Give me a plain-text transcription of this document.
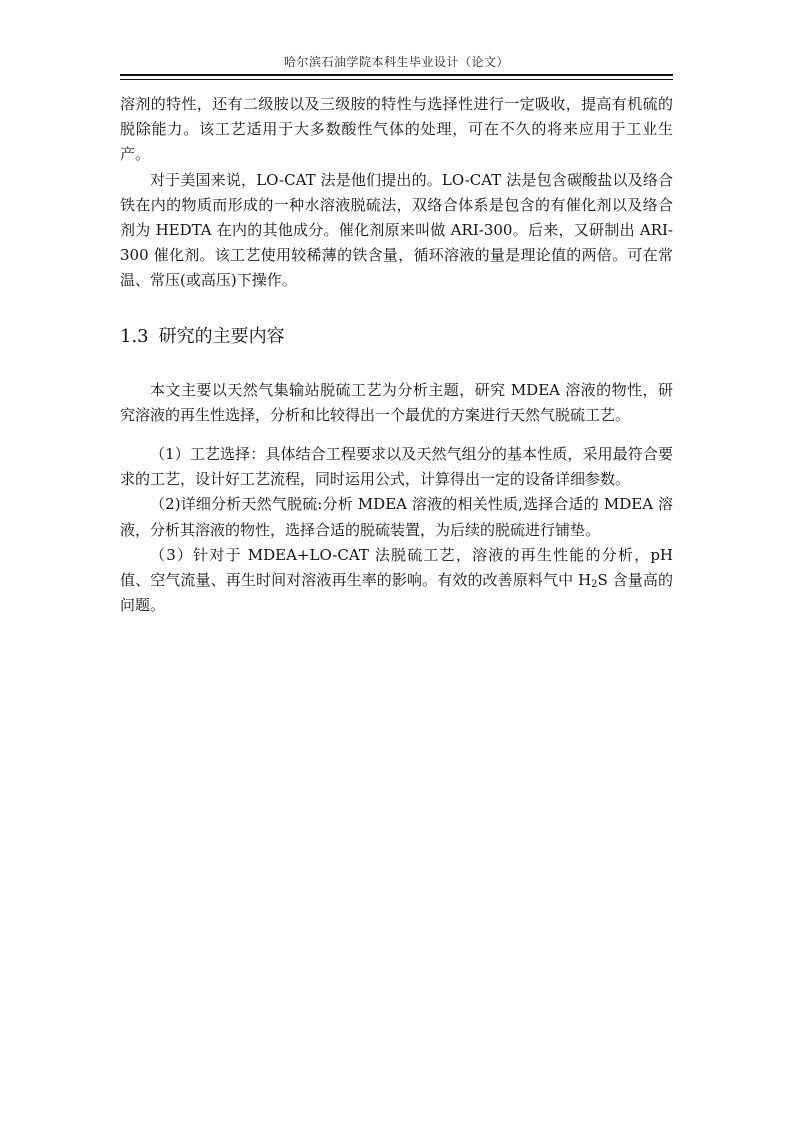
哈尔滨石油学院本科生毕业设计（论文）

溶剂的特性，还有二级胺以及三级胺的特性与选择性进行一定吸收，提高有机硫的脱除能力。该工艺适用于大多数酸性气体的处理，可在不久的将来应用于工业生产。

对于美国来说，LO-CAT 法是他们提出的。LO-CAT 法是包含碳酸盐以及络合铁在内的物质而形成的一种水溶液脱硫法，双络合体系是包含的有催化剂以及络合剂为 HEDTA 在内的其他成分。催化剂原来叫做 ARI-300。后来，又研制出 ARI-300 催化剂。该工艺使用较稀薄的铁含量，循环溶液的量是理论值的两倍。可在常温、常压(或高压)下操作。

1.3 研究的主要内容

本文主要以天然气集输站脱硫工艺为分析主题，研究 MDEA 溶液的物性，研究溶液的再生性选择，分析和比较得出一个最优的方案进行天然气脱硫工艺。

（1）工艺选择：具体结合工程要求以及天然气组分的基本性质，采用最符合要求的工艺，设计好工艺流程，同时运用公式，计算得出一定的设备详细参数。

（2)详细分析天然气脱硫:分析 MDEA 溶液的相关性质,选择合适的 MDEA 溶液，分析其溶液的物性，选择合适的脱硫装置，为后续的脱硫进行铺垫。

（3）针对于 MDEA+LO-CAT 法脱硫工艺，溶液的再生性能的分析，pH 值、空气流量、再生时间对溶液再生率的影响。有效的改善原料气中 $H_2S$ 含量高的问题。
